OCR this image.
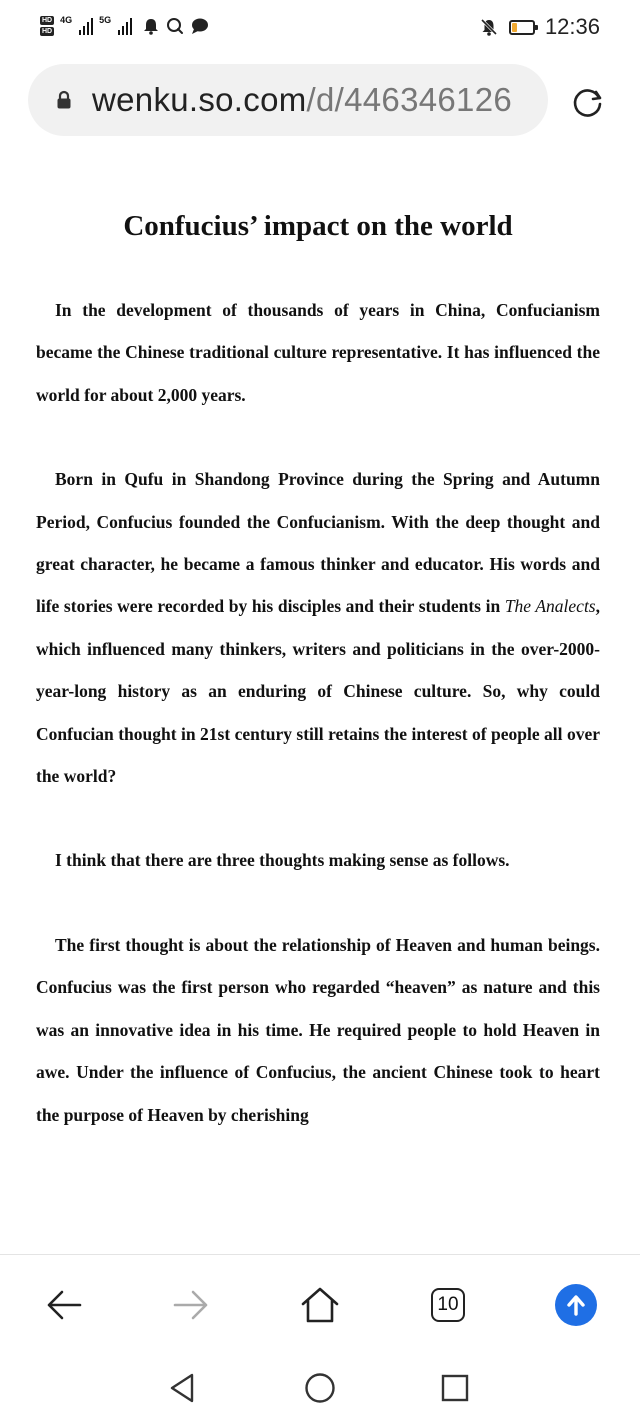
HD
HD
4G	5G	12:36
wenku.so.com/d/446346126
Confucius’ impact on the world

In the development of thousands of years in China, Confucianism became the Chinese traditional culture representative. It has influenced the world for about 2,000 years.

Born in Qufu in Shandong Province during the Spring and Autumn Period, Confucius founded the Confucianism. With the deep thought and great character, he became a famous thinker and educator. His words and life stories were recorded by his disciples and their students in The Analects, which influenced many thinkers, writers and politicians in the over-2000-year-long history as an enduring of Chinese culture. So, why could Confucian thought in 21st century still retains the interest of people all over the world?

I think that there are three thoughts making sense as follows.

The first thought is about the relationship of Heaven and human beings. Confucius was the first person who regarded “heaven” as nature and this was an innovative idea in his time. He required people to hold Heaven in awe. Under the influence of Confucius, the ancient Chinese took to heart the purpose of Heaven by cherishing

10
